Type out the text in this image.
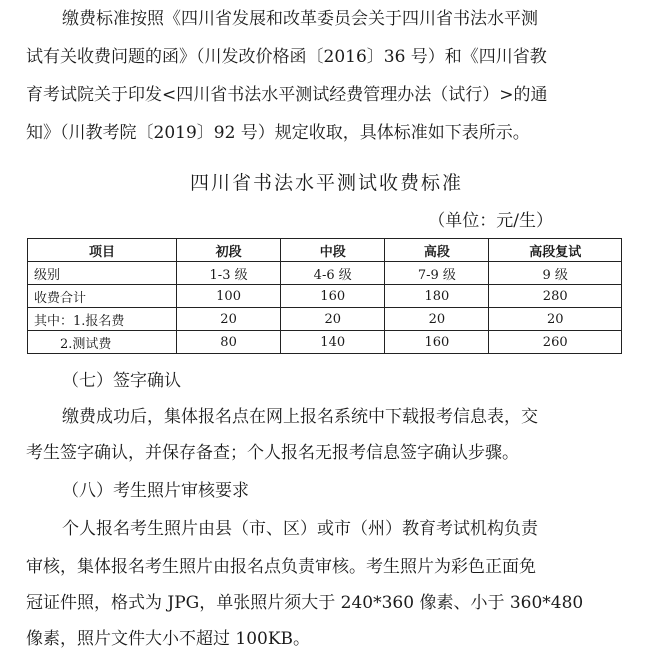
缴费标准按照《四川省发展和改革委员会关于四川省书法水平测
试有关收费问题的函》（川发改价格函〔2016〕36 号）和《四川省教
育考试院关于印发<四川省书法水平测试经费管理办法（试行）>的通
知》（川教考院〔2019〕92 号）规定收取，具体标准如下表所示。
四川省书法水平测试收费标准
（单位：元/生）
项目	初段	中段	高段	高段复试
级别	1-3 级	4-6 级	7-9 级	9 级
收费合计	100	160	180	280
其中：1.报名费	20	20	20	20
2.测试费	80	140	160	260
（七）签字确认
缴费成功后，集体报名点在网上报名系统中下载报考信息表，交
考生签字确认，并保存备查；个人报名无报考信息签字确认步骤。
（八）考生照片审核要求
个人报名考生照片由县（市、区）或市（州）教育考试机构负责
审核，集体报名考生照片由报名点负责审核。考生照片为彩色正面免
冠证件照，格式为 JPG，单张照片须大于 240*360 像素、小于 360*480
像素，照片文件大小不超过 100KB。
